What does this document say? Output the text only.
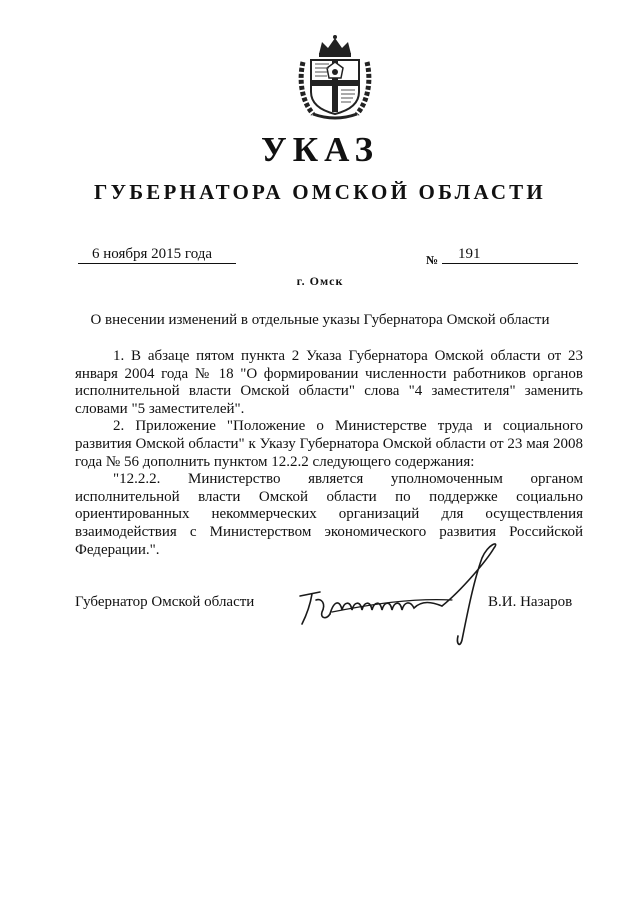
УКАЗ
ГУБЕРНАТОРА ОМСКОЙ ОБЛАСТИ
6 ноября 2015 года	№	191
г. Омск
О внесении изменений в отдельные указы Губернатора Омской области

1. В абзаце пятом пункта 2 Указа Губернатора Омской области от 23 января 2004 года № 18 "О формировании численности работников органов исполнительной власти Омской области" слова "4 заместителя" заменить словами "5 заместителей".

2. Приложение "Положение о Министерстве труда и социального развития Омской области" к Указу Губернатора Омской области от 23 мая 2008 года № 56 дополнить пунктом 12.2.2 следующего содержания:

"12.2.2. Министерство является уполномоченным органом исполнительной власти Омской области по поддержке социально ориентированных некоммерческих организаций для осуществления взаимодействия с Министерством экономического развития Российской Федерации.".

Губернатор Омской области	В.И. Назаров
